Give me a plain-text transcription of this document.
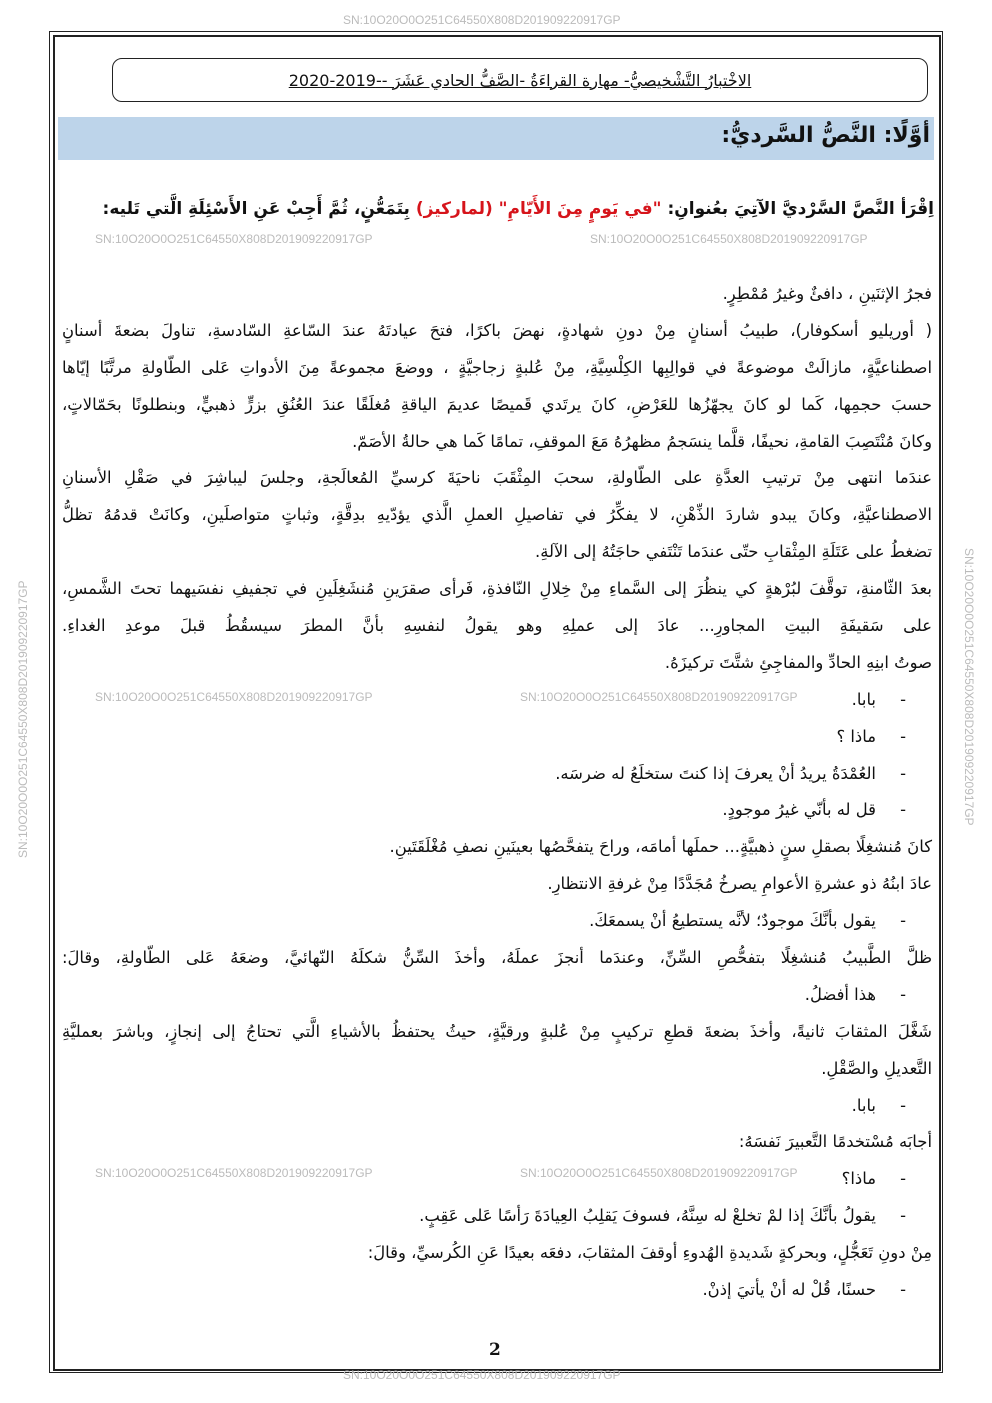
SN:10O20O0O251C64550X808D201909220917GP
SN:10O20O0O251C64550X808D201909220917GP	SN:10O20O0O251C64550X808D201909220917GP
SN:10O20O0O251C64550X808D201909220917GP	SN:10O20O0O251C64550X808D201909220917GP
SN:10O20O0O251C64550X808D201909220917GP	SN:10O20O0O251C64550X808D201909220917GP
SN:10O20O0O251C64550X808D201909220917GP
SN:10O20O0O251C64550X808D201909220917GP	SN:10O20O0O251C64550X808D201909220917GP
الاخْتبارُ التَّشْخيصيُّ- مهارة القراءَةُ -الصَّفُّ الحادي عَشَرَ --2019-2020
أوَّلًا: النَّصُّ السَّرديُّ:
اِقْرَأ النَّصَّ السَّرْديَّ الآتِيَ بعُنوانِ: "في يَومٍ مِنَ الأَيّامِ" (لماركيز) بِتَمَعُّنٍ، ثُمَّ أَجِبْ عَنِ الأَسْئِلَةِ الَّتي تَليه:
فجرُ الإثنَينِ ، دافئٌ وغيرُ مُمْطِرٍ.
( أوريليو أسكوفار)، طبيبُ أسنانٍ مِنْ دونِ شهادةٍ، نهضَ باكرًا، فتحَ عيادتَهُ عندَ السّاعةِ السّادسةِ، تناولَ بضعةَ أسنانٍ
اصطناعيَّةٍ، مازالَتْ موضوعةً في قوالِبِها الكِلْسِيَّةِ، مِنْ عُلبةٍ زجاجيَّةٍ ، ووضعَ مجموعةً مِنَ الأدواتِ عَلى الطّاولةِ مرتَّبًا إيّاها
حسبَ حجمِها، كَما لو كانَ يجهّزُها للعَرْضِ، كانَ يرتَدي قَميصًا عديمَ الياقةِ مُغلَقًا عندَ العُنُقِ بزرٍّ ذهبيٍّ، وبنطلونًا بحَمّالاتٍ،
وكانَ مُنْتَصِبَ القامةِ، نحيفًا، قلَّما ينسَجمُ مظهرُهُ مَعَ الموقفِ، تمامًا كَما هي حالةُ الأصَمّ.
عندَما انتهى مِنْ ترتيبِ العدَّةِ على الطّاولةِ، سحبَ المِثْقَبَ ناحيَةَ كرسيِّ المُعالَجةِ، وجلسَ ليباشِرَ في صَقْلِ الأسنانِ
الاصطناعيَّةِ، وكانَ يبدو شاردَ الذِّهْنِ، لا يفكِّرُ في تفاصيلِ العملِ الَّذي يؤدّيهِ بدِقَّةٍ، وثباتٍ متواصلَينِ، وكانَتْ قدمُهُ تظلُّ
تضغطُ على عَتَلَةِ المِثْقابِ حتّى عندَما تَنْتَفي حاجَتُهُ إلى الآلةِ.
بعدَ الثّامنةِ، توقَّفَ لبُرْهةٍ كي ينظُرَ إلى السَّماءِ مِنْ خِلالِ النّافذةِ، فَرأى صقرَينِ مُنشَغِلَينِ في تجفيفِ نفسَيهما تحتَ الشَّمسِ،
على سَقيفَةِ البيتِ المجاورِ... عادَ إلى عملِهِ وهو يقولُ لنفسِهِ بأنَّ المطرَ سيسقُطُ قبلَ موعدِ الغداءِ.
صوتُ ابنِهِ الحادِّ والمفاجِئِ شتَّتَ تركيزَهُ.
- بابا.
- ماذا ؟
- العُمْدَةُ يريدُ أنْ يعرفَ إذا كنتَ ستخلَعُ له ضرسَه.
- قل له بأنّي غيرُ موجودٍ.
كانَ مُنشغِلًا بصقلِ سنٍ ذهبيَّةٍ... حملَها أمامَه، وراحَ يتفحَّصُها بعينَينِ نصفِ مُغْلَقَتَينِ.
عادَ ابنُهُ ذو عشرةِ الأعوامِ يصرخُ مُجَدَّدًا مِنْ غرفةِ الانتظارِ.
- يقول بأنَّكَ موجودٌ؛ لأنَّه يستطيعُ أنْ يسمعَكَ.
ظلَّ الطَّبيبُ مُنشغِلًا بتفحُّصِ السِّنِّ، وعندَما أنجزَ عملَهُ، وأخذَ السِّنُّ شكلَهُ النّهائيَّ، وضعَهُ عَلى الطّاولةِ، وقالَ:
- هذا أفضلُ.
شَغَّلَ المثقابَ ثانيةً، وأخذَ بضعةَ قطعِ تركيبٍ مِنْ عُلبةٍ ورقيَّةٍ، حيثُ يحتفظُ بالأشياءِ الَّتي تحتاجُ إلى إنجازٍ، وباشرَ بعمليَّةِ
التَّعديلِ والصَّقْلِ.
- بابا.
أجابَه مُسْتخدمًا التَّعبيرَ نَفسَهُ:
- ماذا؟
- يقولُ بأنَّكَ إذا لمْ تخلعْ له سِنَّهُ، فسوفَ يَقلِبُ العِيادَةَ رَأسًا عَلى عَقِبٍ.
مِنْ دونِ تَعَجُّلٍ، وبحركةٍ شَديدةِ الهُدوءِ أوقفَ المثقابَ، دفعَه بعيدًا عَنِ الكُرسيِّ، وقالَ:
- حسنًا، قُلْ له أنْ يأتيَ إذنْ.
2
